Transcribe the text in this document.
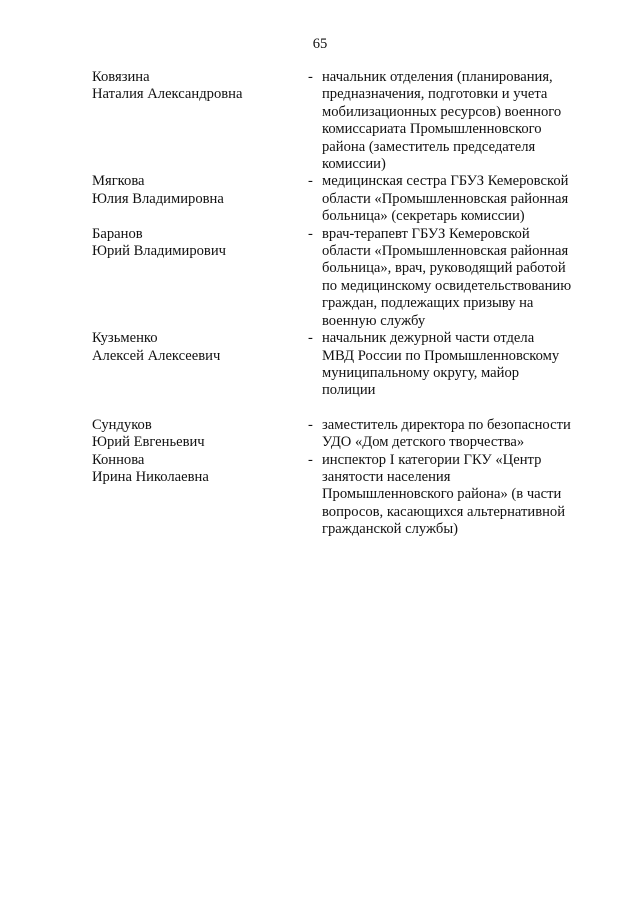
65
Ковязина
Наталия Александровна
- начальник отделения (планирования,
предназначения, подготовки и учета
мобилизационных ресурсов) военного
комиссариата Промышленновского
района (заместитель председателя
комиссии)
Мягкова
Юлия Владимировна
- медицинская сестра ГБУЗ Кемеровской
области «Промышленновская районная
больница» (секретарь комиссии)
Баранов
Юрий Владимирович
- врач-терапевт ГБУЗ Кемеровской
области «Промышленновская районная
больница», врач, руководящий работой
по медицинскому освидетельствованию
граждан, подлежащих призыву на
военную службу
Кузьменко
Алексей Алексеевич
- начальник дежурной части отдела
МВД России по Промышленновскому
муниципальному округу, майор
полиции
Сундуков
Юрий Евгеньевич
- заместитель директора по безопасности
УДО «Дом детского творчества»
Коннова
Ирина Николаевна
- инспектор I категории ГКУ «Центр
занятости населения
Промышленновского района» (в части
вопросов, касающихся альтернативной
гражданской службы)
